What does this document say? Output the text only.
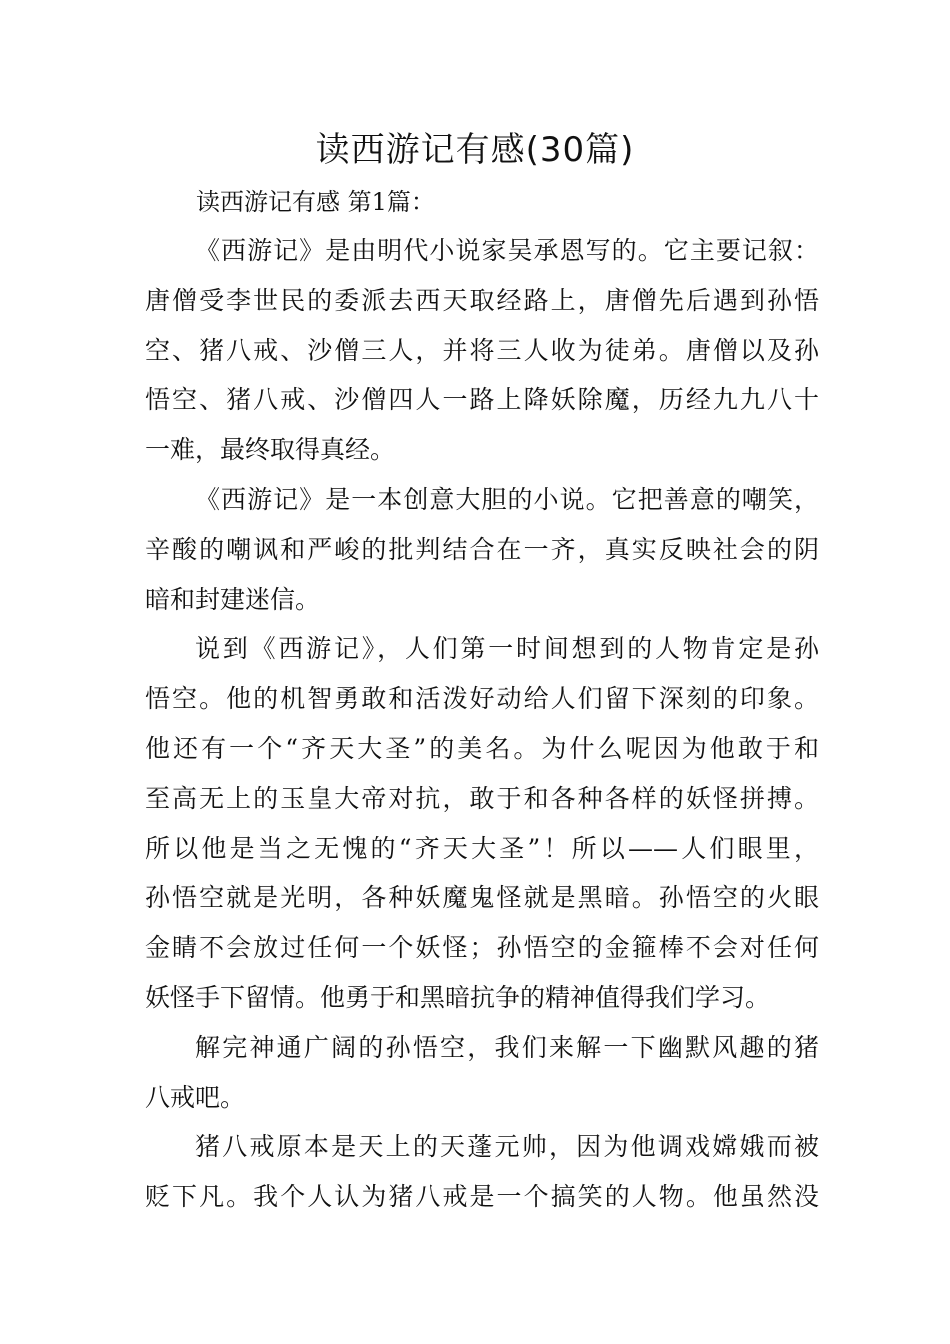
读西游记有感(30篇)
读西游记有感 第1篇：
《西游记》是由明代小说家吴承恩写的。它主要记叙：
唐僧受李世民的委派去西天取经路上，唐僧先后遇到孙悟
空、猪八戒、沙僧三人，并将三人收为徒弟。唐僧以及孙
悟空、猪八戒、沙僧四人一路上降妖除魔，历经九九八十
一难，最终取得真经。
《西游记》是一本创意大胆的小说。它把善意的嘲笑，
辛酸的嘲讽和严峻的批判结合在一齐，真实反映社会的阴
暗和封建迷信。
说到《西游记》，人们第一时间想到的人物肯定是孙
悟空。他的机智勇敢和活泼好动给人们留下深刻的印象。
他还有一个“齐天大圣”的美名。为什么呢因为他敢于和
至高无上的玉皇大帝对抗，敢于和各种各样的妖怪拼搏。
所以他是当之无愧的“齐天大圣”！所以——人们眼里，
孙悟空就是光明，各种妖魔鬼怪就是黑暗。孙悟空的火眼
金睛不会放过任何一个妖怪；孙悟空的金箍棒不会对任何
妖怪手下留情。他勇于和黑暗抗争的精神值得我们学习。
解完神通广阔的孙悟空，我们来解一下幽默风趣的猪
八戒吧。
猪八戒原本是天上的天蓬元帅，因为他调戏嫦娥而被
贬下凡。我个人认为猪八戒是一个搞笑的人物。他虽然没
